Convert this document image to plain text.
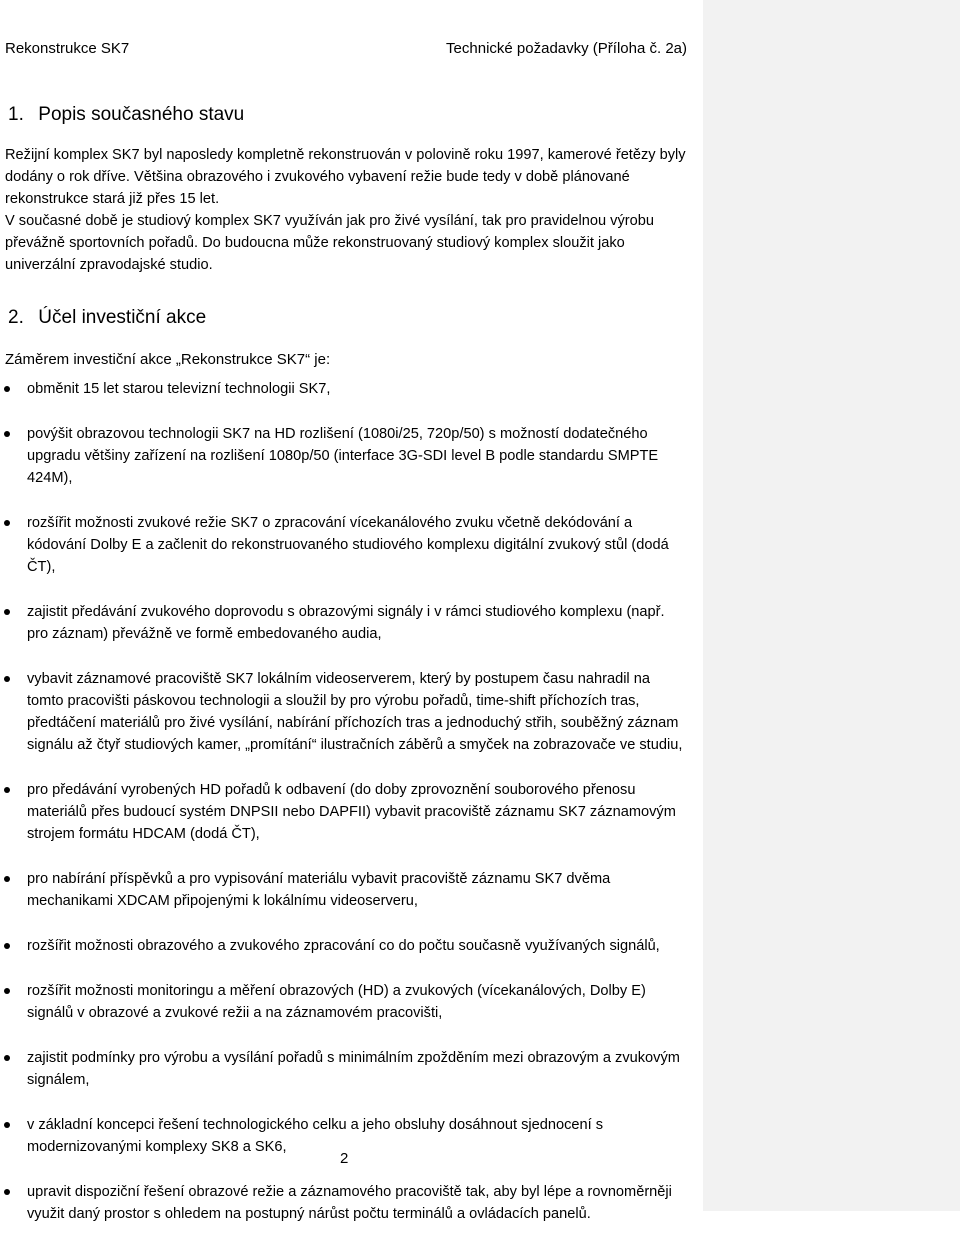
Rekonstrukce SK7	Technické požadavky (Příloha č. 2a)
1. Popis současného stavu

Režijní komplex SK7 byl naposledy kompletně rekonstruován v polovině roku 1997, kamerové řetězy byly dodány o rok dříve. Většina obrazového i zvukového vybavení režie bude tedy v době plánované rekonstrukce stará již přes 15 let.

V současné době je studiový komplex SK7 využíván jak pro živé vysílání, tak pro pravidelnou výrobu převážně sportovních pořadů. Do budoucna může rekonstruovaný studiový komplex sloužit jako univerzální zpravodajské studio.

2. Účel investiční akce
Záměrem investiční akce „Rekonstrukce SK7“ je:
obměnit 15 let starou televizní technologii SK7,
povýšit obrazovou technologii SK7 na HD rozlišení (1080i/25, 720p/50) s možností dodatečného upgradu většiny zařízení na rozlišení 1080p/50 (interface 3G-SDI level B podle standardu SMPTE 424M),
rozšířit možnosti zvukové režie SK7 o zpracování vícekanálového zvuku včetně dekódování a kódování Dolby E a začlenit do rekonstruovaného studiového komplexu digitální zvukový stůl (dodá ČT),
zajistit předávání zvukového doprovodu s obrazovými signály i v rámci studiového komplexu (např. pro záznam) převážně ve formě embedovaného audia,
vybavit záznamové pracoviště SK7 lokálním videoserverem, který by postupem času nahradil na tomto pracovišti páskovou technologii a sloužil by pro výrobu pořadů, time-shift příchozích tras, předtáčení materiálů pro živé vysílání, nabírání příchozích tras a jednoduchý střih, souběžný záznam signálu až čtyř studiových kamer, „promítání“ ilustračních záběrů a smyček na zobrazovače ve studiu,
pro předávání vyrobených HD pořadů k odbavení (do doby zprovoznění souborového přenosu materiálů přes budoucí systém DNPSII nebo DAPFII) vybavit pracoviště záznamu SK7 záznamovým strojem formátu HDCAM (dodá ČT),
pro nabírání příspěvků a pro vypisování materiálu vybavit pracoviště záznamu SK7 dvěma mechanikami XDCAM připojenými k lokálnímu videoserveru,
rozšířit možnosti obrazového a zvukového zpracování co do počtu současně využívaných signálů,
rozšířit možnosti monitoringu a měření obrazových (HD) a zvukových (vícekanálových, Dolby E) signálů v obrazové a zvukové režii a na záznamovém pracovišti,
zajistit podmínky pro výrobu a vysílání pořadů s minimálním zpožděním mezi obrazovým a zvukovým signálem,
v základní koncepci řešení technologického celku a jeho obsluhy dosáhnout sjednocení s modernizovanými komplexy SK8 a SK6,
upravit dispoziční řešení obrazové režie a záznamového pracoviště tak, aby byl lépe a rovnoměrněji využit daný prostor s ohledem na postupný nárůst počtu terminálů a ovládacích panelů.
2
